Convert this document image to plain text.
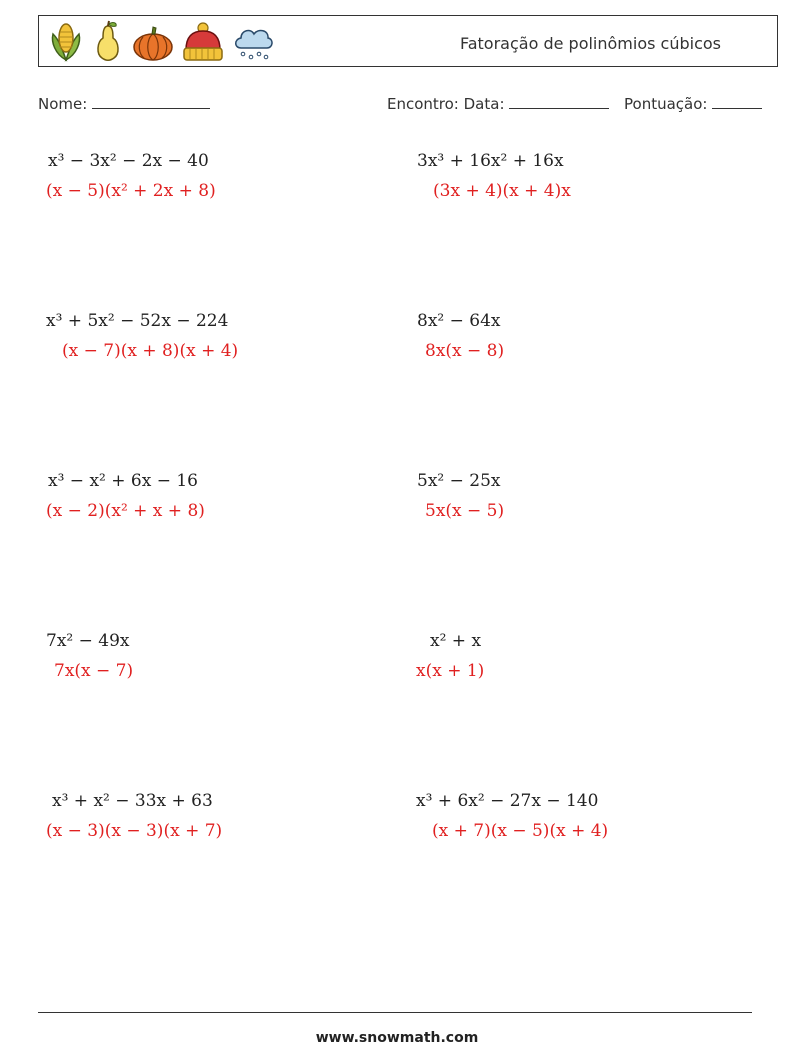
Fatoração de polinômios cúbicos
Nome:	Encontro: Data:	Pontuação:
x³ − 3x² − 2x − 40
(x − 5)(x² + 2x + 8)
3x³ + 16x² + 16x
(3x + 4)(x + 4)x
x³ + 5x² − 52x − 224
(x − 7)(x + 8)(x + 4)
8x² − 64x
8x(x − 8)
x³ − x² + 6x − 16
(x − 2)(x² + x + 8)
5x² − 25x
5x(x − 5)
7x² − 49x
7x(x − 7)
x² + x
x(x + 1)
x³ + x² − 33x + 63
(x − 3)(x − 3)(x + 7)
x³ + 6x² − 27x − 140
(x + 7)(x − 5)(x + 4)
www.snowmath.com
